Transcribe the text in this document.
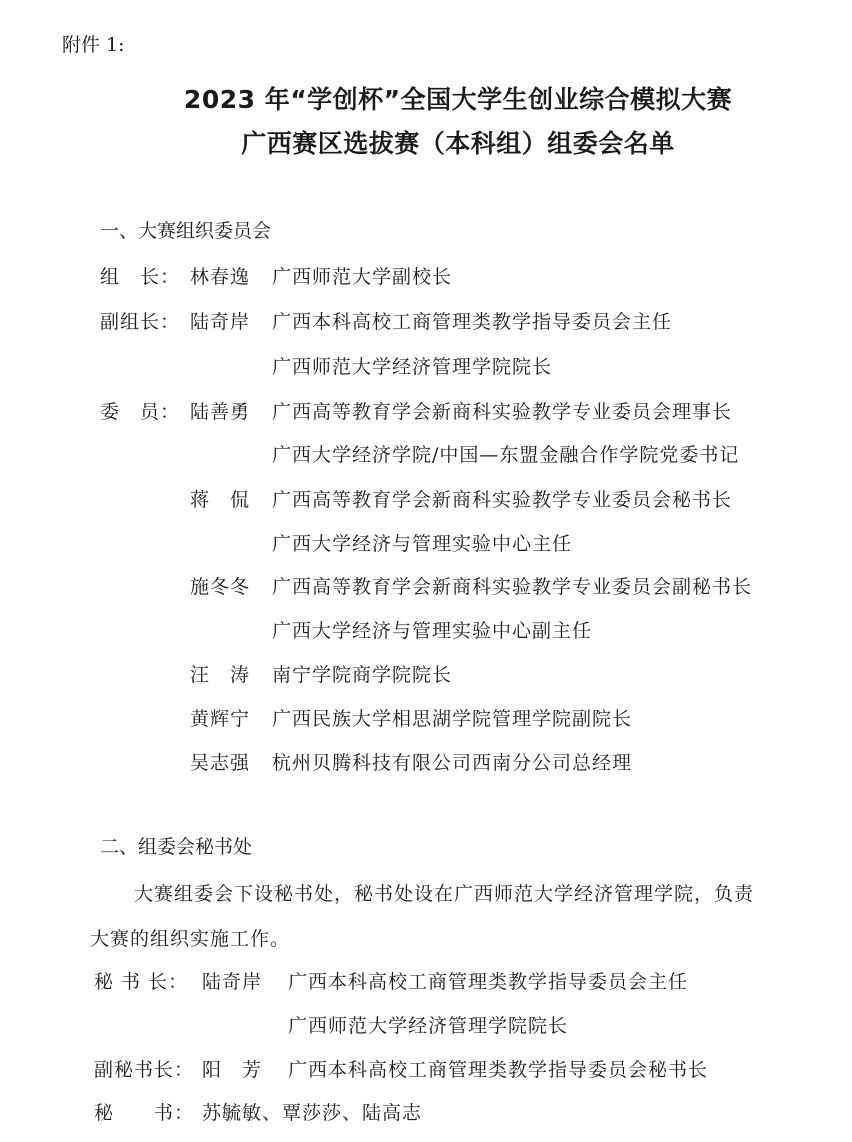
附件 1:
2023 年“学创杯”全国大学生创业综合模拟大赛
广西赛区选拔赛（本科组）组委会名单
一、大赛组织委员会
组　长： 林春逸 广西师范大学副校长
副组长： 陆奇岸 广西本科高校工商管理类教学指导委员会主任
广西师范大学经济管理学院院长
委　员： 陆善勇 广西高等教育学会新商科实验教学专业委员会理事长
广西大学经济学院/中国—东盟金融合作学院党委书记
蒋　侃 广西高等教育学会新商科实验教学专业委员会秘书长
广西大学经济与管理实验中心主任
施冬冬 广西高等教育学会新商科实验教学专业委员会副秘书长
广西大学经济与管理实验中心副主任
汪　涛 南宁学院商学院院长
黄辉宁 广西民族大学相思湖学院管理学院副院长
吴志强 杭州贝腾科技有限公司西南分公司总经理
二、组委会秘书处
大赛组委会下设秘书处，秘书处设在广西师范大学经济管理学院，负责
大赛的组织实施工作。
秘 书 长： 陆奇岸 广西本科高校工商管理类教学指导委员会主任
广西师范大学经济管理学院院长
副秘书长： 阳　芳 广西本科高校工商管理类教学指导委员会秘书长
秘　　书： 苏毓敏、覃莎莎、陆高志
